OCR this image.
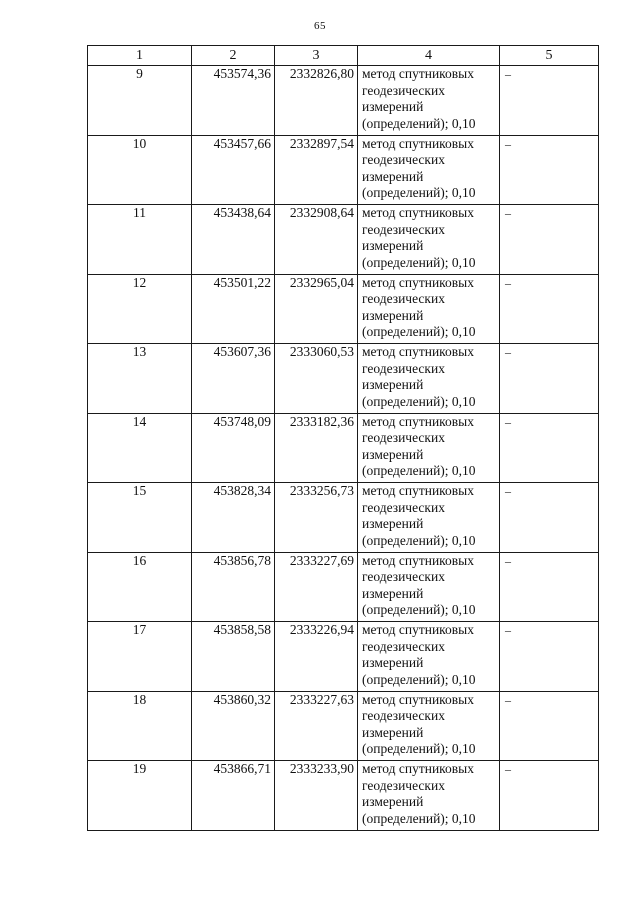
65
1	2	3	4	5
9	453574,36	2332826,80	метод спутниковых
геодезических
измерений
(определений); 0,10	–
10	453457,66	2332897,54	метод спутниковых
геодезических
измерений
(определений); 0,10	–
11	453438,64	2332908,64	метод спутниковых
геодезических
измерений
(определений); 0,10	–
12	453501,22	2332965,04	метод спутниковых
геодезических
измерений
(определений); 0,10	–
13	453607,36	2333060,53	метод спутниковых
геодезических
измерений
(определений); 0,10	–
14	453748,09	2333182,36	метод спутниковых
геодезических
измерений
(определений); 0,10	–
15	453828,34	2333256,73	метод спутниковых
геодезических
измерений
(определений); 0,10	–
16	453856,78	2333227,69	метод спутниковых
геодезических
измерений
(определений); 0,10	–
17	453858,58	2333226,94	метод спутниковых
геодезических
измерений
(определений); 0,10	–
18	453860,32	2333227,63	метод спутниковых
геодезических
измерений
(определений); 0,10	–
19	453866,71	2333233,90	метод спутниковых
геодезических
измерений
(определений); 0,10	–
